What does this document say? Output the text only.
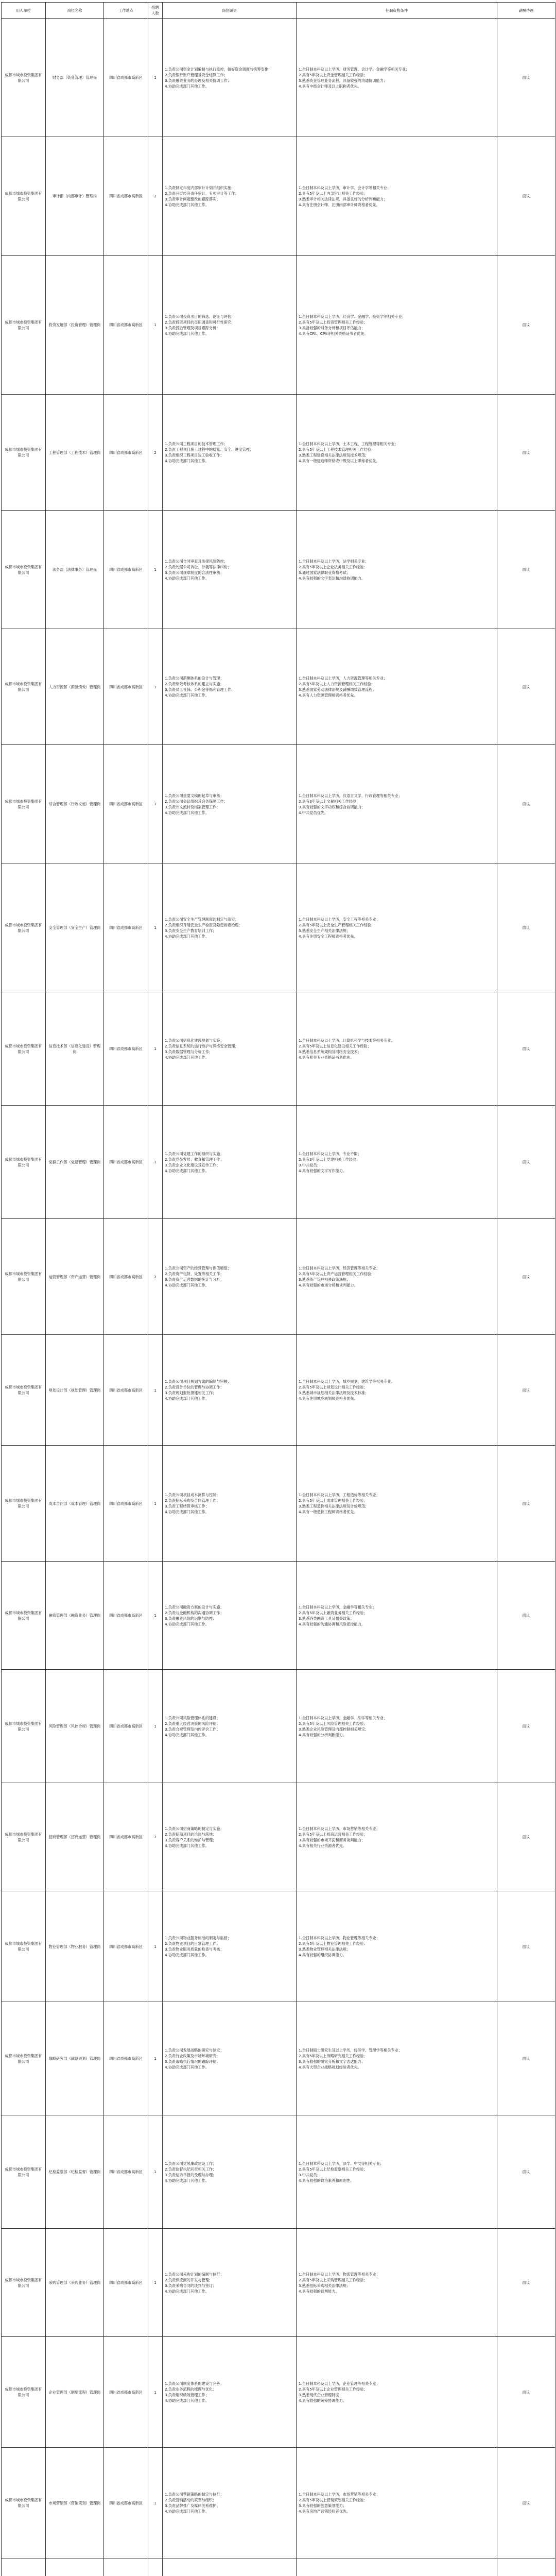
用人单位	岗位名称	工作地点	招聘人数	岗位职责	任职资格条件	薪酬待遇
成都市城市投资集团有限公司	财务部（资金管理）管理岗	四川省成都市高新区	1	1.负责公司资金计划编制与执行监控，做好资金调度与统筹安排；
2.负责银行账户管理及资金结算工作；
3.负责融资业务的办理及相关协调工作；
4.协助完成部门其他工作。	1.全日制本科及以上学历，财务管理、会计学、金融学等相关专业；
2.具有5年及以上资金管理相关工作经验；
3.熟悉资金管理业务流程，具备较强的沟通协调能力；
4.具有中级会计师及以上职称者优先。	面议
成都市城市投资集团有限公司	审计部（内部审计）管理岗	四川省成都市高新区	2	1.负责制定年度内部审计计划并组织实施；
2.负责开展经济责任审计、专项审计等工作；
3.负责审计问题整改的跟踪落实；
4.协助完成部门其他工作。	1.全日制本科及以上学历，审计学、会计学等相关专业；
2.具有5年及以上内部审计相关工作经验；
3.熟悉审计相关法律法规，具备良好的分析判断能力；
4.具有注册会计师、注册内部审计师资格者优先。	面议
成都市城市投资集团有限公司	投资发展部（投资管理）管理岗	四川省成都市高新区	1	1.负责公司投资项目的筛选、论证与评估；
2.负责投资项目的尽职调查和可行性研究；
3.负责投后管理及项目跟踪分析；
4.协助完成部门其他工作。	1.全日制本科及以上学历，经济学、金融学、投资学等相关专业；
2.具有5年及以上投资管理相关工作经验；
3.具备较强的财务分析和项目评估能力；
4.具有CFA、CPA等相关资格证书者优先。	面议
成都市城市投资集团有限公司	工程管理部（工程技术）管理岗	四川省成都市高新区	2	1.负责公司工程项目的技术管理工作；
2.负责工程项目施工过程中的质量、安全、进度管控；
3.负责组织工程项目竣工验收工作；
4.协助完成部门其他工作。	1.全日制本科及以上学历，土木工程、工程管理等相关专业；
2.具有5年及以上工程技术管理相关工作经验；
3.熟悉工程建设相关法律法规及技术规范；
4.具有一级建造师资格或中级及以上职称者优先。	面议
成都市城市投资集团有限公司	法务部（法律事务）管理岗	四川省成都市高新区	1	1.负责公司合同审查及法律风险防控；
2.负责处理公司诉讼、仲裁等法律纠纷；
3.负责公司规章制度的合法性审核；
4.协助完成部门其他工作。	1.全日制本科及以上学历，法学相关专业；
2.具有5年及以上企业法务相关工作经验；
3.通过国家法律职业资格考试；
4.具有较强的文字表达和沟通协调能力。	面议
成都市城市投资集团有限公司	人力资源部（薪酬绩效）管理岗	四川省成都市高新区	1	1.负责公司薪酬体系的设计与管理；
2.负责绩效考核体系的建立与实施；
3.负责员工社保、公积金等福利管理工作；
4.协助完成部门其他工作。	1.全日制本科及以上学历，人力资源管理等相关专业；
2.具有5年及以上人力资源管理相关工作经验；
3.熟悉国家劳动法律法规及薪酬绩效管理流程；
4.具有人力资源管理师资格者优先。	面议
成都市城市投资集团有限公司	综合管理部（行政文秘）管理岗	四川省成都市高新区	1	1.负责公司重要文稿的起草与审核；
2.负责公司会议组织及会务保障工作；
3.负责公文流转及档案管理工作；
4.协助完成部门其他工作。	1.全日制本科及以上学历，汉语言文学、行政管理等相关专业；
2.具有3年及以上文秘相关工作经验；
3.具有较强的文字功底和综合协调能力；
4.中共党员优先。	面议
成都市城市投资集团有限公司	安全管理部（安全生产）管理岗	四川省成都市高新区	1	1.负责公司安全生产管理制度的制定与落实；
2.负责组织开展安全生产检查及隐患排查治理；
3.负责安全生产教育培训工作；
4.协助完成部门其他工作。	1.全日制本科及以上学历，安全工程等相关专业；
2.具有5年及以上安全生产管理相关工作经验；
3.熟悉安全生产相关法律法规；
4.具有注册安全工程师资格者优先。	面议
成都市城市投资集团有限公司	信息技术部（信息化建设）管理岗	四川省成都市高新区	1	1.负责公司信息化建设规划与实施；
2.负责信息系统的运行维护与网络安全管理；
3.负责数据管理与分析工作；
4.协助完成部门其他工作。	1.全日制本科及以上学历，计算机科学与技术等相关专业；
2.具有5年及以上信息化建设相关工作经验；
3.熟悉信息系统架构及网络安全技术；
4.具有相关专业资格证书者优先。	面议
成都市城市投资集团有限公司	党群工作部（党建管理）管理岗	四川省成都市高新区	1	1.负责公司党建工作的组织与实施；
2.负责党员发展、教育和管理工作；
3.负责企业文化建设及宣传工作；
4.协助完成部门其他工作。	1.全日制本科及以上学历，专业不限；
2.具有3年及以上党建相关工作经验；
3.中共党员；
4.具有较强的文字写作能力。	面议
成都市城市投资集团有限公司	运营管理部（资产运营）管理岗	四川省成都市高新区	2	1.负责公司资产的经营管理与保值增值；
2.负责资产租赁、处置等相关工作；
3.负责资产运营数据的统计与分析；
4.协助完成部门其他工作。	1.全日制本科及以上学历，经济管理等相关专业；
2.具有5年及以上资产运营管理相关工作经验；
3.熟悉资产管理相关政策法规；
4.具有较强的市场分析和谈判能力。	面议
成都市城市投资集团有限公司	规划设计部（规划管理）管理岗	四川省成都市高新区	1	1.负责公司项目规划方案的编制与审核；
2.负责设计单位的管理与协调工作；
3.负责规划报批报建相关工作；
4.协助完成部门其他工作。	1.全日制本科及以上学历，城乡规划、建筑学等相关专业；
2.具有5年及以上规划设计相关工作经验；
3.熟悉城市规划相关法律法规及技术标准；
4.具有注册城乡规划师资格者优先。	面议
成都市城市投资集团有限公司	成本合约部（成本管理）管理岗	四川省成都市高新区	1	1.负责公司项目成本测算与控制；
2.负责招标采购及合同管理工作；
3.负责工程结算审核工作；
4.协助完成部门其他工作。	1.全日制本科及以上学历，工程造价等相关专业；
2.具有5年及以上成本管理相关工作经验；
3.熟悉工程造价相关法律法规及计价规范；
4.具有一级造价工程师资格者优先。	面议
成都市城市投资集团有限公司	融资管理部（融资业务）管理岗	四川省成都市高新区	1	1.负责公司融资方案的设计与实施；
2.负责与金融机构的沟通协调工作；
3.负责融资风险的识别与防控；
4.协助完成部门其他工作。	1.全日制本科及以上学历，金融学等相关专业；
2.具有5年及以上融资业务相关工作经验；
3.熟悉各类融资工具及相关政策；
4.具有较强的沟通协调和风险把控能力。	面议
成都市城市投资集团有限公司	风险管理部（风控合规）管理岗	四川省成都市高新区	1	1.负责公司风险管理体系的建设；
2.负责重大经营决策的风险评估；
3.负责合规管理及内控评价工作；
4.协助完成部门其他工作。	1.全日制本科及以上学历，金融学、法学等相关专业；
2.具有5年及以上风险管理相关工作经验；
3.熟悉企业风险管理及内部控制相关规定；
4.具有较强的分析判断能力。	面议
成都市城市投资集团有限公司	招商管理部（招商运营）管理岗	四川省成都市高新区	2	1.负责公司招商策略的制定与实施；
2.负责招商项目的洽谈与落地；
3.负责客户关系的维护与管理；
4.协助完成部门其他工作。	1.全日制本科及以上学历，市场营销等相关专业；
2.具有5年及以上招商运营相关工作经验；
3.具有较强的市场开拓和商务谈判能力；
4.具有相关行业资源者优先。	面议
成都市城市投资集团有限公司	物业管理部（物业服务）管理岗	四川省成都市高新区	1	1.负责公司物业服务标准的制定与监督；
2.负责物业项目的日常管理工作；
3.负责物业服务质量的检查与考核；
4.协助完成部门其他工作。	1.全日制本科及以上学历，物业管理等相关专业；
2.具有5年及以上物业管理相关工作经验；
3.熟悉物业管理相关法律法规；
4.具有较强的组织协调能力。	面议
成都市城市投资集团有限公司	战略研究部（战略规划）管理岗	四川省成都市高新区	1	1.负责公司发展战略的研究与制定；
2.负责行业政策及市场环境研究；
3.负责战略执行情况的跟踪评估；
4.协助完成部门其他工作。	1.全日制硕士研究生及以上学历，经济学、管理学等相关专业；
2.具有5年及以上战略研究相关工作经验；
3.具有较强的研究分析和文字表达能力；
4.具有大型企业战略规划经验者优先。	面议
成都市城市投资集团有限公司	纪检监察部（纪检监督）管理岗	四川省成都市高新区	1	1.负责公司党风廉政建设工作；
2.负责监督执纪问责相关工作；
3.负责信访举报的受理与办理；
4.协助完成部门其他工作。	1.全日制本科及以上学历，法学、中文等相关专业；
2.具有5年及以上纪检监察相关工作经验；
3.中共党员；
4.具有较强的政治素养和原则性。	面议
成都市城市投资集团有限公司	采购管理部（采购业务）管理岗	四川省成都市高新区	1	1.负责公司采购计划的编制与执行；
2.负责供应商的开发与管理；
3.负责采购合同的谈判与签订；
4.协助完成部门其他工作。	1.全日制本科及以上学历，物流管理等相关专业；
2.具有5年及以上采购管理相关工作经验；
3.熟悉招标采购相关法律法规；
4.具有较强的谈判能力。	面议
成都市城市投资集团有限公司	企业管理部（制度流程）管理岗	四川省成都市高新区	1	1.负责公司制度体系的建设与完善；
2.负责业务流程的梳理与优化；
3.负责组织绩效管理工作；
4.协助完成部门其他工作。	1.全日制本科及以上学历，企业管理等相关专业；
2.具有5年及以上企业管理相关工作经验；
3.熟悉现代企业管理制度；
4.具有较强的统筹协调能力。	面议
成都市城市投资集团有限公司	市场营销部（营销策划）管理岗	四川省成都市高新区	1	1.负责公司营销策略的制定与执行；
2.负责营销活动的策划与组织；
3.负责品牌推广及媒体关系维护；
4.协助完成部门其他工作。	1.全日制本科及以上学历，市场营销等相关专业；
2.具有5年及以上营销策划相关工作经验；
3.具有较强的创意策划能力；
4.具有房地产营销经验者优先。	面议
